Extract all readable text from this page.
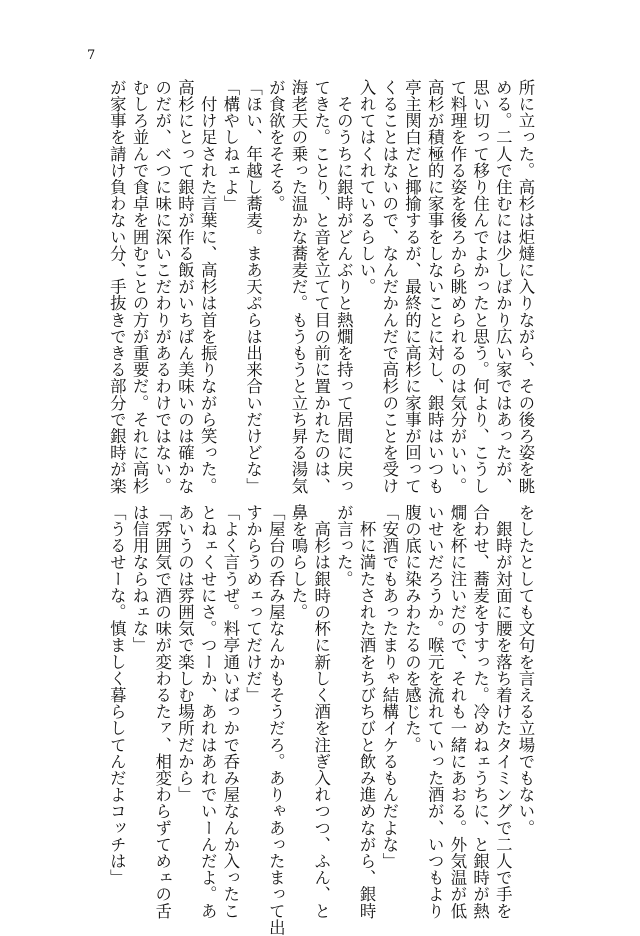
7

所に立った。高杉は炬燵に入りながら、その後ろ姿を眺

める。二人で住むには少しばかり広い家ではあったが、

思い切って移り住んでよかったと思う。何より、こうし

て料理を作る姿を後ろから眺められるのは気分がいい。

高杉が積極的に家事をしないことに対し、銀時はいつも

亭主関白だと揶揄するが、最終的に高杉に家事が回って

くることはないので、なんだかんだで高杉のことを受け

入れてはくれているらしい。

　そのうちに銀時がどんぶりと熱燗を持って居間に戻っ

てきた。ことり、と音を立てて目の前に置かれたのは、

海老天の乗った温かな蕎麦だ。もうもうと立ち昇る湯気

が食欲をそそる。

「ほい、年越し蕎麦。まあ天ぷらは出来合いだけどな」

「構やしねェよ」

　付け足された言葉に、高杉は首を振りながら笑った。

高杉にとって銀時が作る飯がいちばん美味いのは確かな

のだが、べつに味に深いこだわりがあるわけではない。

むしろ並んで食卓を囲むことの方が重要だ。それに高杉

が家事を請け負わない分、手抜きできる部分で銀時が楽

をしたとしても文句を言える立場でもない。

　銀時が対面に腰を落ち着けたタイミングで二人で手を

合わせ、蕎麦をすすった。冷めねェうちに、と銀時が熱

燗を杯に注いだので、それも一緒にあおる。外気温が低

いせいだろうか。喉元を流れていった酒が、いつもより

腹の底に染みわたるのを感じた。

「安酒でもあったまりゃ結構イケるもんだよな」

　杯に満たされた酒をちびちびと飲み進めながら、銀時

が言った。

　高杉は銀時の杯に新しく酒を注ぎ入れつつ、ふん、と

鼻を鳴らした。

「屋台の呑み屋なんかもそうだろ。ありゃあったまって出

すからうめェってだけだ」

「よく言うぜ。料亭通いばっかで呑み屋なんか入ったこ

とねェくせにさ。つーか、あれはあれでいーんだよ。あ

あいうのは雰囲気で楽しむ場所だから」

「雰囲気で酒の味が変わるたァ、相変わらずてめェの舌

は信用ならねェな」

「うるせーな。慎ましく暮らしてんだよコッチは」
